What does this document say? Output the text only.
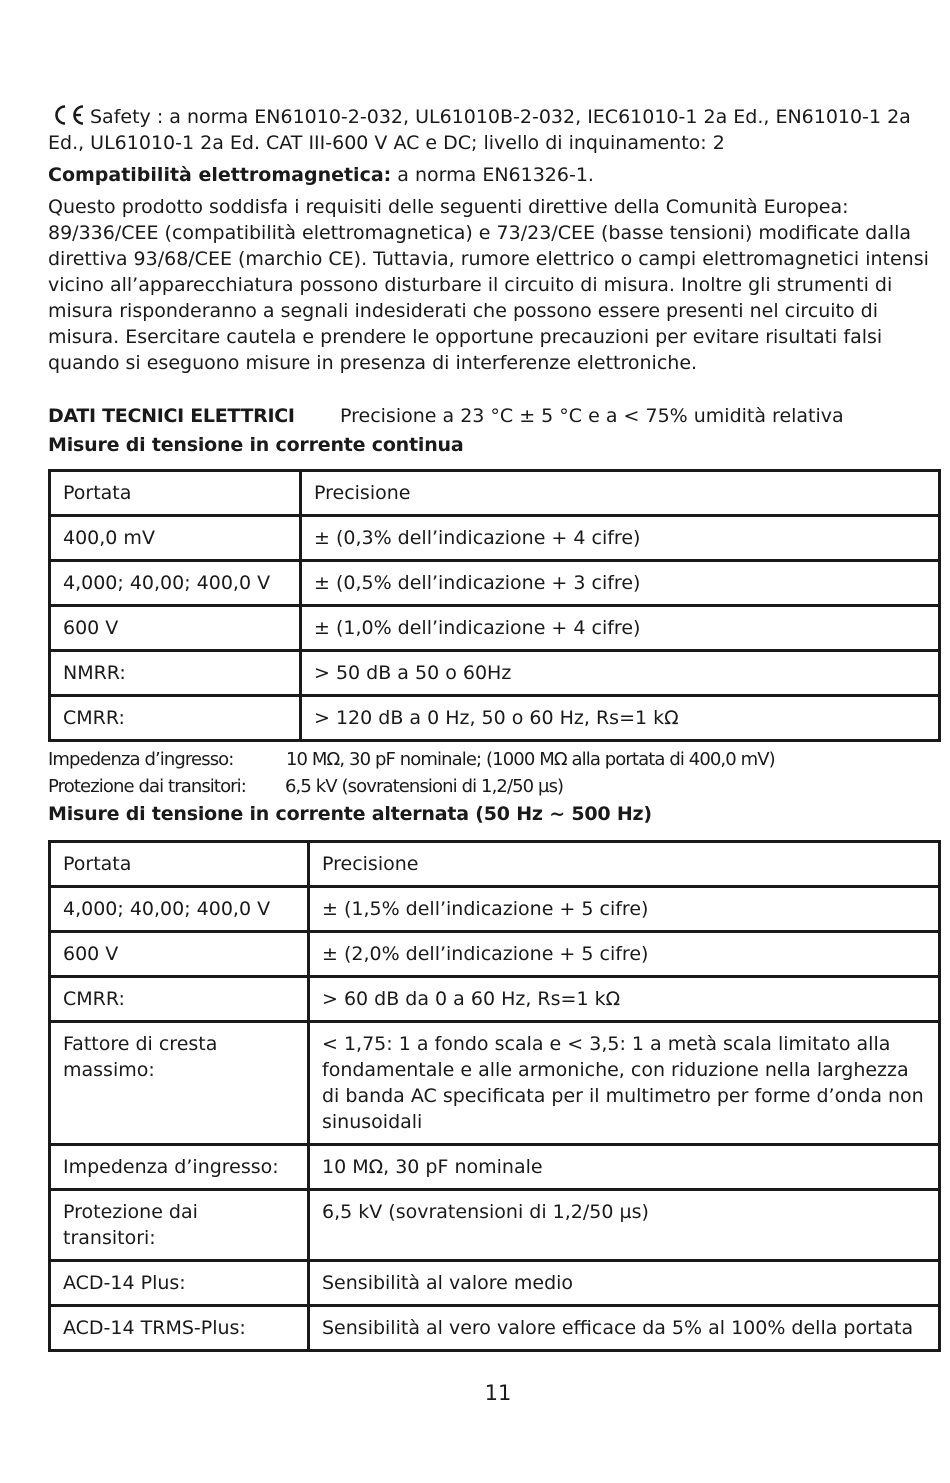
Safety : a norma EN61010-2-032, UL61010B-2-032, IEC61010-1 2a Ed., EN61010-1 2a Ed., UL61010-1 2a Ed. CAT III-600 V AC e DC; livello di inquinamento: 2

Compatibilità elettromagnetica: a norma EN61326-1.

Questo prodotto soddisfa i requisiti delle seguenti direttive della Comunità Europea: 89/336/CEE (compatibilità elettromagnetica) e 73/23/CEE (basse tensioni) modificate dalla direttiva 93/68/CEE (marchio CE). Tuttavia, rumore elettrico o campi elettromagnetici intensi vicino all’apparecchiatura possono disturbare il circuito di misura. Inoltre gli strumenti di misura risponderanno a segnali indesiderati che possono essere presenti nel circuito di misura. Esercitare cautela e prendere le opportune precauzioni per evitare risultati falsi quando si eseguono misure in presenza di interferenze elettroniche.

DATI TECNICI ELETTRICI	Precisione a 23 °C ± 5 °C e a < 75% umidità relativa
Misure di tensione in corrente continua
Portata	Precisione
400,0 mV	± (0,3% dell’indicazione + 4 cifre)
4,000; 40,00; 400,0 V	± (0,5% dell’indicazione + 3 cifre)
600 V	± (1,0% dell’indicazione + 4 cifre)
NMRR:	> 50 dB a 50 o 60Hz
CMRR:	> 120 dB a 0 Hz, 50 o 60 Hz, Rs=1 kΩ
Impedenza d’ingresso:	10 MΩ, 30 pF nominale; (1000 MΩ alla portata di 400,0 mV)
Protezione dai transitori:	6,5 kV (sovratensioni di 1,2/50 µs)
Misure di tensione in corrente alternata (50 Hz ~ 500 Hz)
Portata	Precisione
4,000; 40,00; 400,0 V	± (1,5% dell’indicazione + 5 cifre)
600 V	± (2,0% dell’indicazione + 5 cifre)
CMRR:	> 60 dB da 0 a 60 Hz, Rs=1 kΩ
Fattore di cresta massimo:	< 1,75: 1 a fondo scala e < 3,5: 1 a metà scala limitato alla fondamentale e alle armoniche, con riduzione nella larghezza di banda AC specificata per il multimetro per forme d’onda non sinusoidali
Impedenza d’ingresso:	10 MΩ, 30 pF nominale
Protezione dai transitori:	6,5 kV (sovratensioni di 1,2/50 µs)
ACD-14 Plus:	Sensibilità al valore medio
ACD-14 TRMS-Plus:	Sensibilità al vero valore efficace da 5% al 100% della portata
11
